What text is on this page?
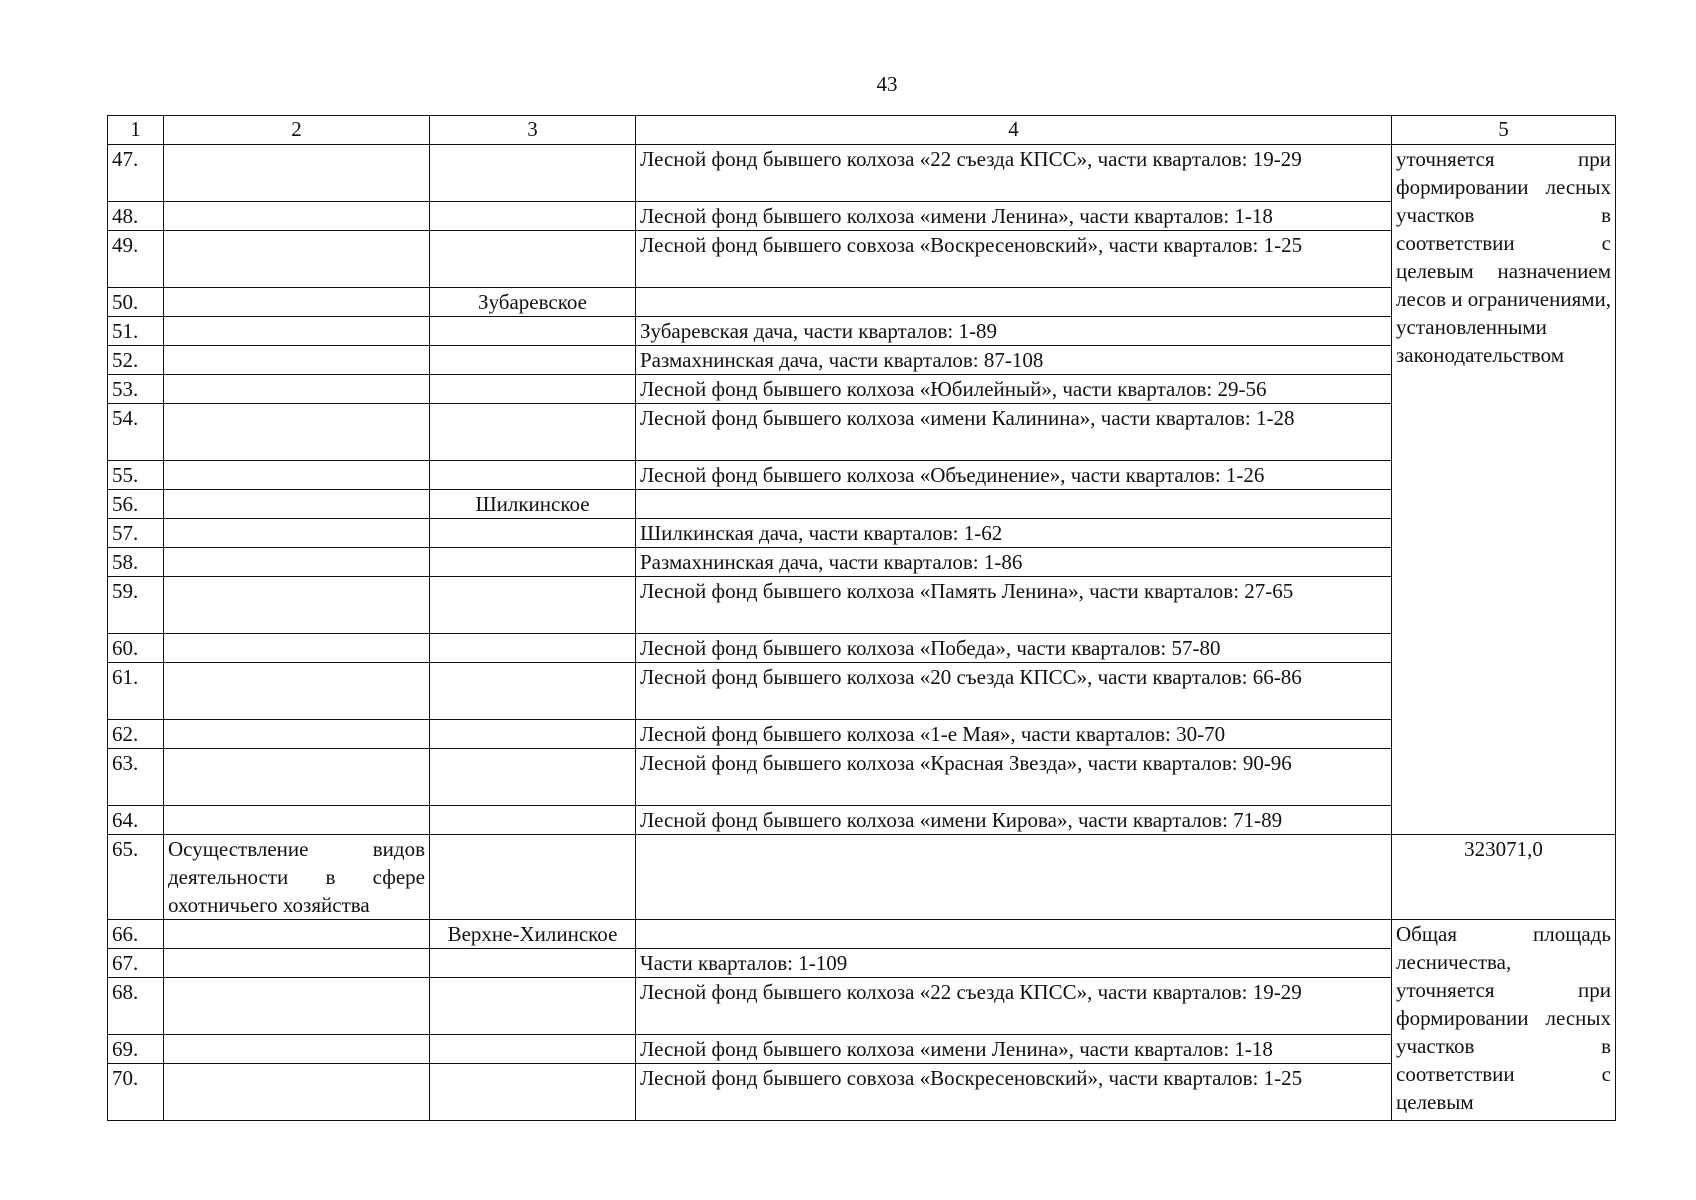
43
1	2	3	4	5
47.			Лесной фонд бывшего колхоза «22 съезда КПСС», части кварталов: 19-29	уточняется при формировании лесных участков в соответствии с целевым назначением лесов и ограничениями, установленными законодательством

48.			Лесной фонд бывшего колхоза «имени Ленина», части кварталов: 1-18	
49.			Лесной фонд бывшего совхоза «Воскресеновский», части кварталов: 1-25	
50.		Зубаревское		
51.			Зубаревская дача, части кварталов: 1-89	
52.			Размахнинская дача, части кварталов: 87-108	
53.			Лесной фонд бывшего колхоза «Юбилейный», части кварталов: 29-56	
54.			Лесной фонд бывшего колхоза «имени Калинина», части кварталов: 1-28	
55.			Лесной фонд бывшего колхоза «Объединение», части кварталов: 1-26	
56.		Шилкинское		
57.			Шилкинская дача, части кварталов: 1-62	
58.			Размахнинская дача, части кварталов: 1-86	
59.			Лесной фонд бывшего колхоза «Память Ленина», части кварталов: 27-65	
60.			Лесной фонд бывшего колхоза «Победа», части кварталов: 57-80	
61.			Лесной фонд бывшего колхоза «20 съезда КПСС», части кварталов: 66-86	
62.			Лесной фонд бывшего колхоза «1-е Мая», части кварталов: 30-70	
63.			Лесной фонд бывшего колхоза «Красная Звезда», части кварталов: 90-96	
64.			Лесной фонд бывшего колхоза «имени Кирова», части кварталов: 71-89	
65.	Осуществление видов деятельности в сфере охотничьего хозяйства			323071,0
66.		Верхне-Хилинское		Общая площадь лесничества, уточняется при формировании лесных участков в соответствии с целевым

67.			Части кварталов: 1-109	
68.			Лесной фонд бывшего колхоза «22 съезда КПСС», части кварталов: 19-29	
69.			Лесной фонд бывшего колхоза «имени Ленина», части кварталов: 1-18	
70.			Лесной фонд бывшего совхоза «Воскресеновский», части кварталов: 1-25	
